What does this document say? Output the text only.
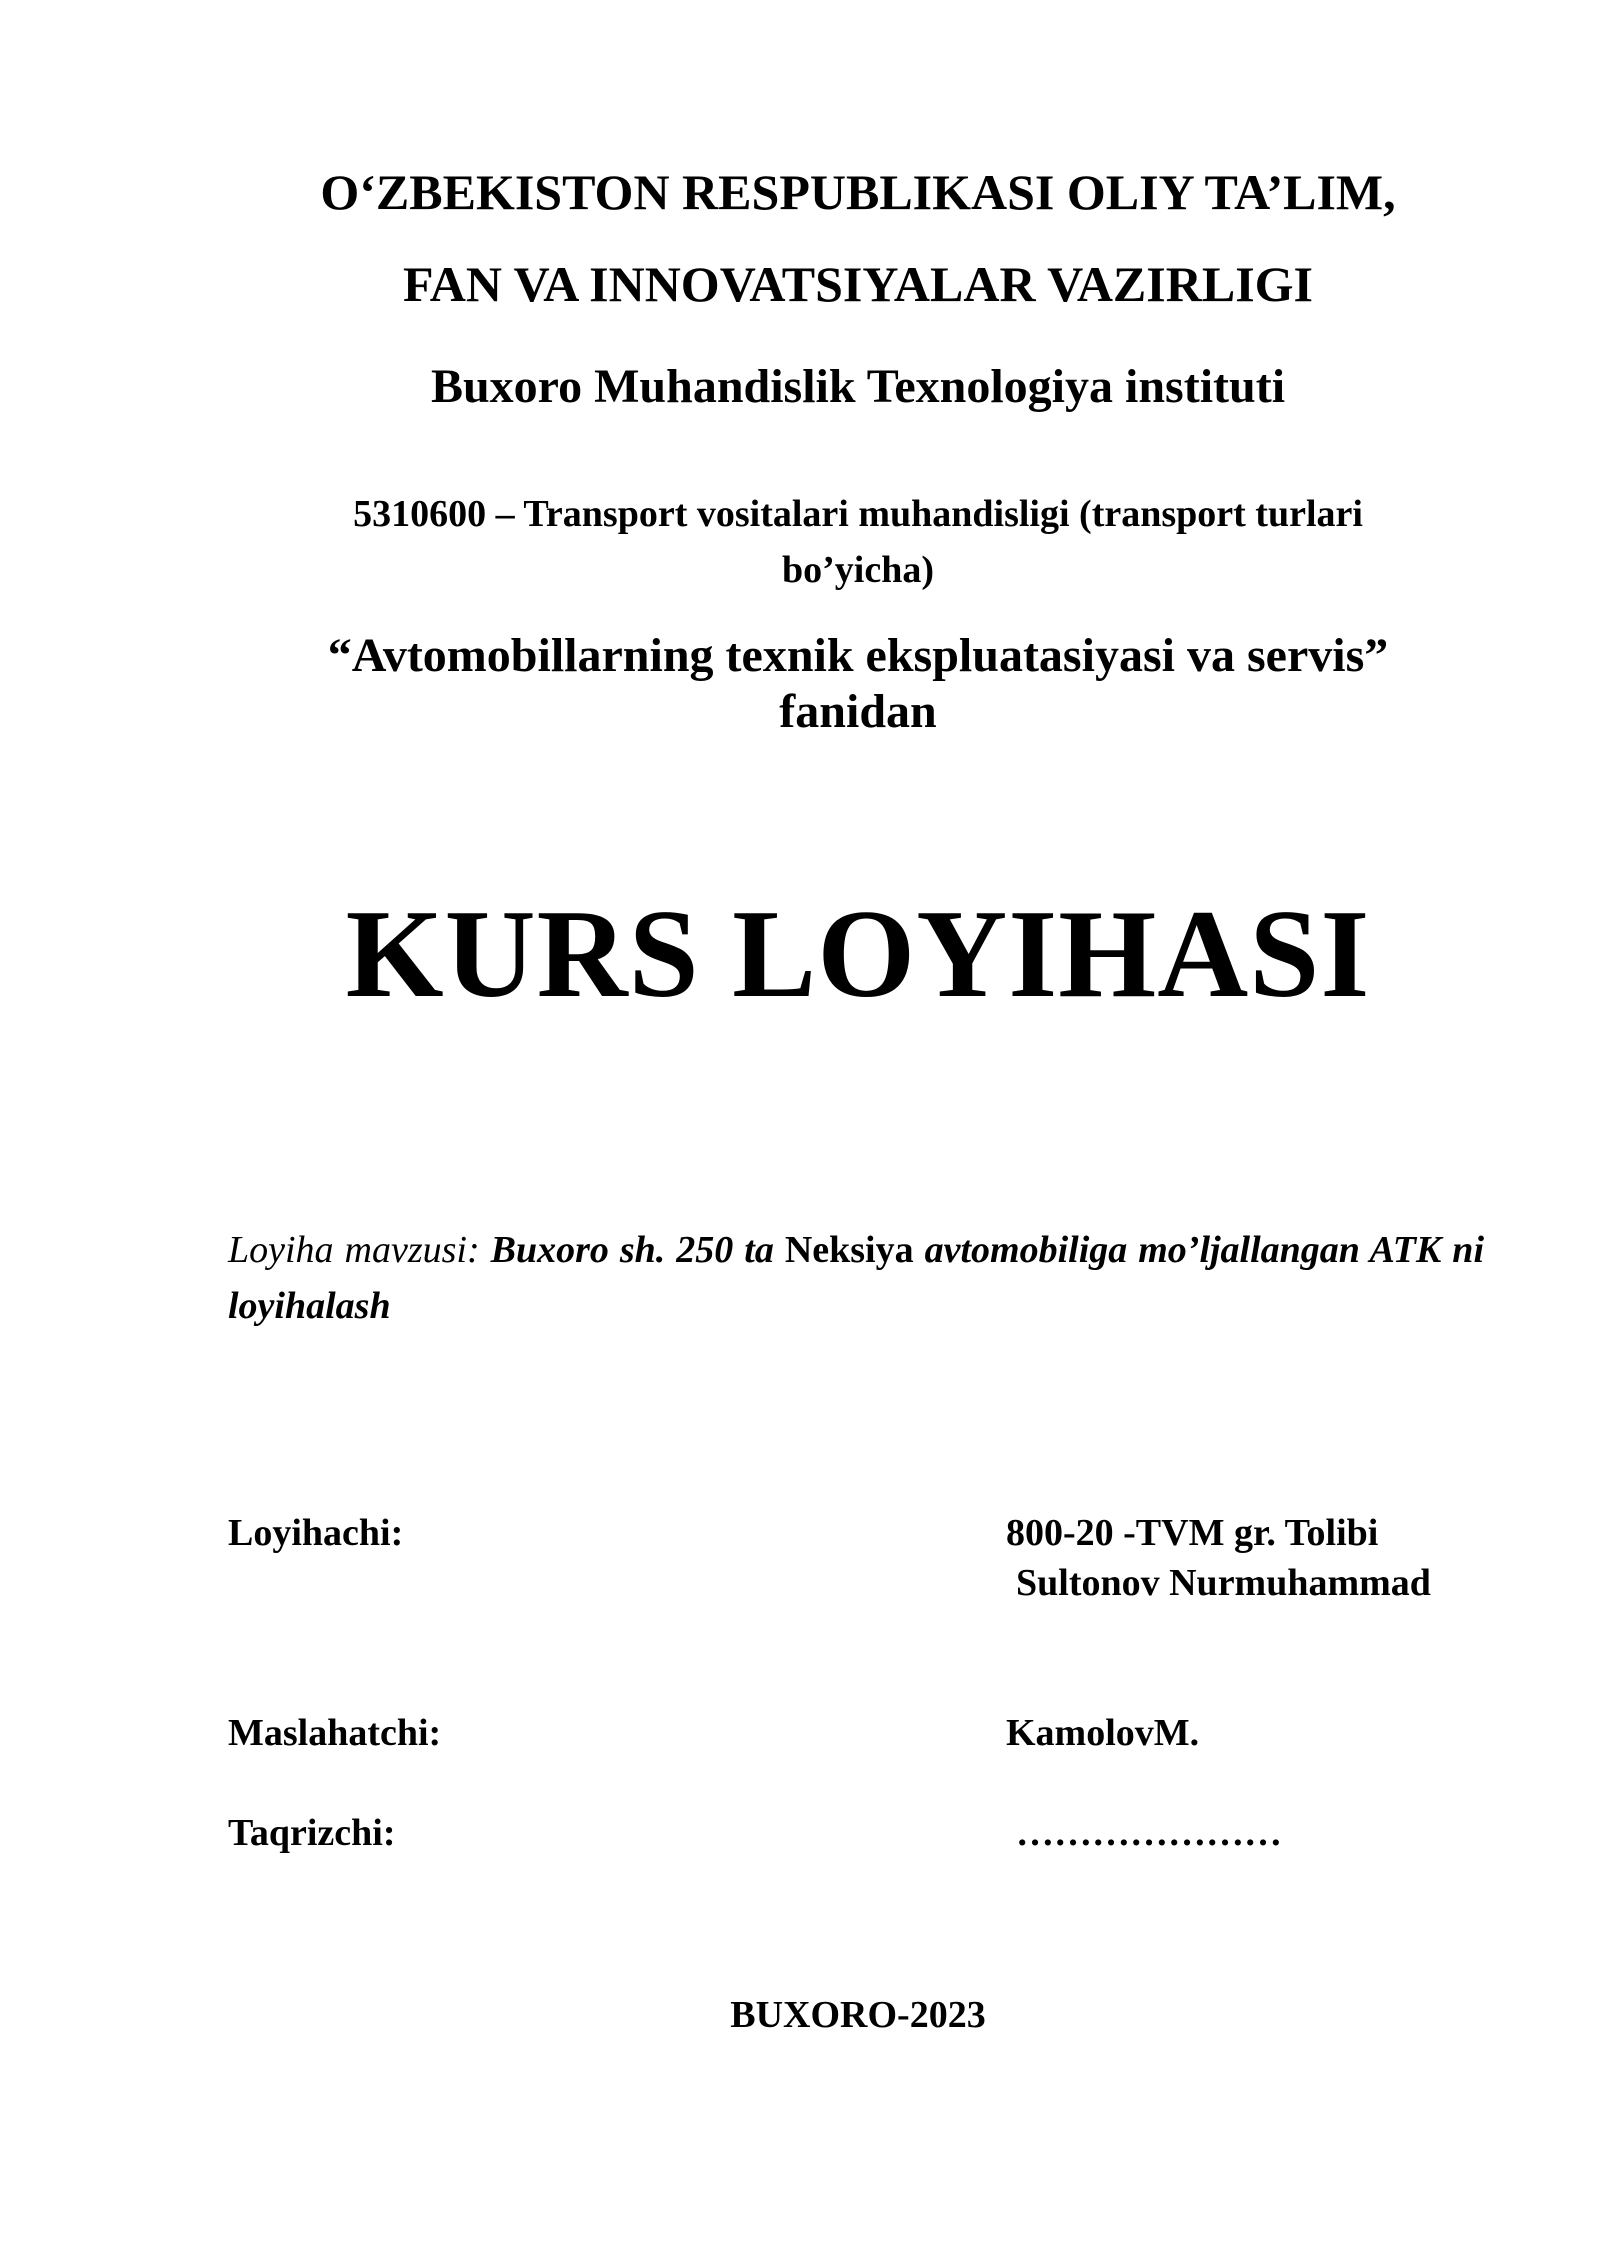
O‘ZBEKISTON RESPUBLIKASI OLIY TA’LIM,
FAN VA INNOVATSIYALAR VAZIRLIGI
Buxoro Muhandislik Texnologiya instituti
5310600 – Transport vositalari muhandisligi (transport turlari
bo’yicha)
“Avtomobillarning texnik ekspluatasiyasi va servis”
fanidan
KURS LOYIHASI
Loyiha mavzusi: Buxoro sh. 250 ta Neksiya avtomobiliga mo’ljallangan ATK ni loyihalash
Loyihachi:	800-20 -TVM gr. Tolibi
Sultonov Nurmuhammad
Maslahatchi:	KamolovM.
Taqrizchi:	…………………
BUXORO-2023
